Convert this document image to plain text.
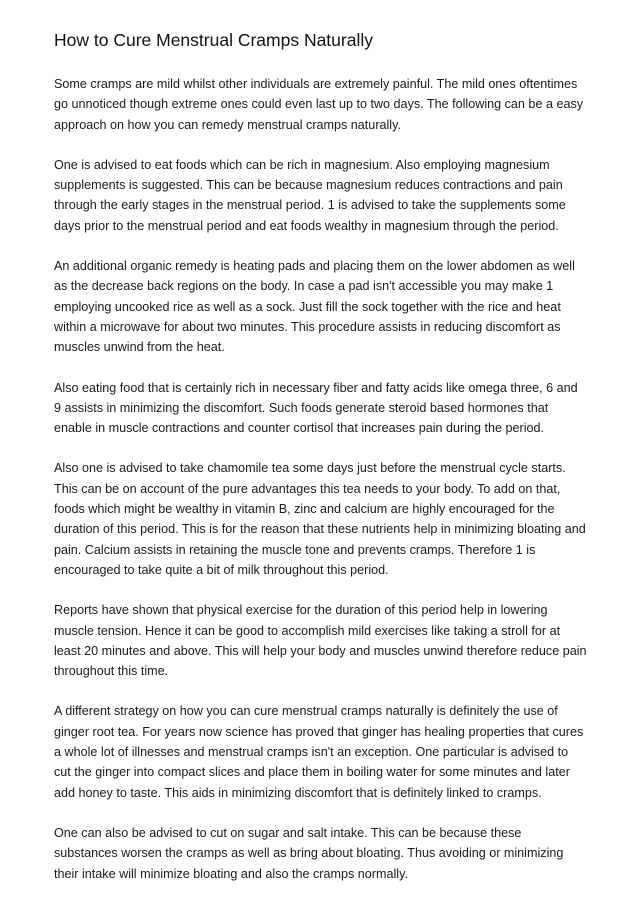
How to Cure Menstrual Cramps Naturally

Some cramps are mild whilst other individuals are extremely painful. The mild ones oftentimes go unnoticed though extreme ones could even last up to two days. The following can be a easy approach on how you can remedy menstrual cramps naturally.

One is advised to eat foods which can be rich in magnesium. Also employing magnesium supplements is suggested. This can be because magnesium reduces contractions and pain through the early stages in the menstrual period. 1 is advised to take the supplements some days prior to the menstrual period and eat foods wealthy in magnesium through the period.

An additional organic remedy is heating pads and placing them on the lower abdomen as well as the decrease back regions on the body. In case a pad isn't accessible you may make 1 employing uncooked rice as well as a sock. Just fill the sock together with the rice and heat within a microwave for about two minutes. This procedure assists in reducing discomfort as muscles unwind from the heat.

Also eating food that is certainly rich in necessary fiber and fatty acids like omega three, 6 and 9 assists in minimizing the discomfort. Such foods generate steroid based hormones that enable in muscle contractions and counter cortisol that increases pain during the period.

Also one is advised to take chamomile tea some days just before the menstrual cycle starts. This can be on account of the pure advantages this tea needs to your body. To add on that, foods which might be wealthy in vitamin B, zinc and calcium are highly encouraged for the duration of this period. This is for the reason that these nutrients help in minimizing bloating and pain. Calcium assists in retaining the muscle tone and prevents cramps. Therefore 1 is encouraged to take quite a bit of milk throughout this period.

Reports have shown that physical exercise for the duration of this period help in lowering muscle tension. Hence it can be good to accomplish mild exercises like taking a stroll for at least 20 minutes and above. This will help your body and muscles unwind therefore reduce pain throughout this time.

A different strategy on how you can cure menstrual cramps naturally is definitely the use of ginger root tea. For years now science has proved that ginger has healing properties that cures a whole lot of illnesses and menstrual cramps isn't an exception. One particular is advised to cut the ginger into compact slices and place them in boiling water for some minutes and later add honey to taste. This aids in minimizing discomfort that is definitely linked to cramps.

One can also be advised to cut on sugar and salt intake. This can be because these substances worsen the cramps as well as bring about bloating. Thus avoiding or minimizing their intake will minimize bloating and also the cramps normally.
